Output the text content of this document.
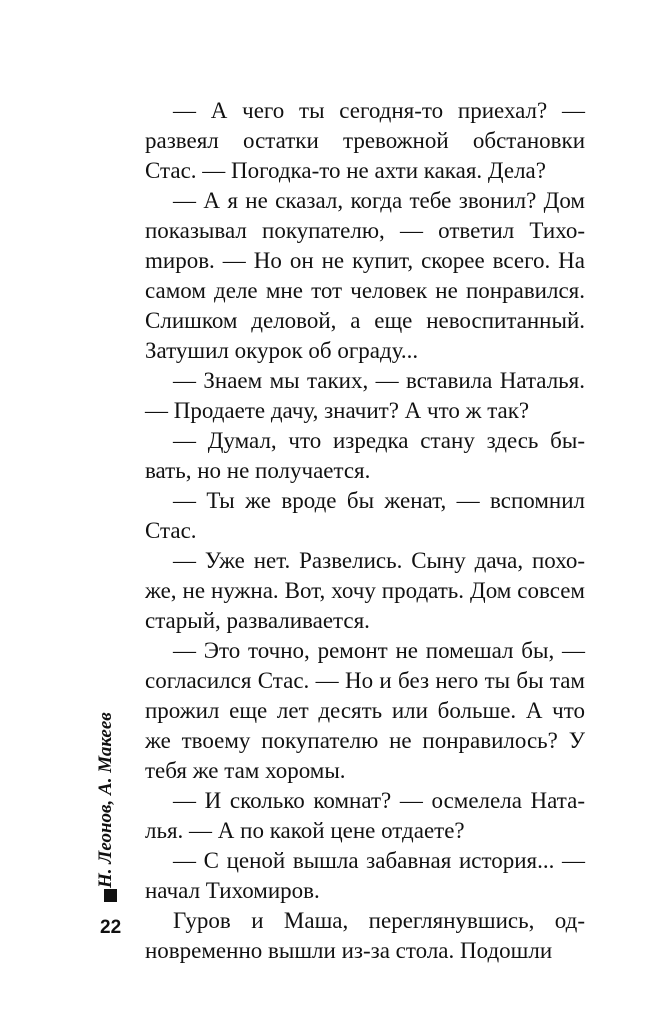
— А чего ты сегодня-то приехал? — развеял остатки тревожной обстановки Стас. — Погодка-то не ахти какая. Дела?

— А я не сказал, когда тебе звонил? Дом показывал покупателю, — ответил Тихоmиров. — Но он не купит, скорее всего. На самом деле мне тот человек не понравился. Слишком деловой, а еще невоспитанный. Затушил окурок об ограду...

— Знаем мы таких, — вставила Наталья. — Продаете дачу, значит? А что ж так?

— Думал, что изредка стану здесь бывать, но не получается.

— Ты же вроде бы женат, — вспомнил Стас.

— Уже нет. Развелись. Сыну дача, похоже, не нужна. Вот, хочу продать. Дом совсем старый, разваливается.

— Это точно, ремонт не помешал бы, — согласился Стас. — Но и без него ты бы там прожил еще лет десять или больше. А что же твоему покупателю не понравилось? У тебя же там хоромы.

— И сколько комнат? — осмелела Наталья. — А по какой цене отдаете?

— С ценой вышла забавная история... — начал Тихомиров.

Гуров и Маша, переглянувшись, одновременно вышли из-за стола. Подошли

Н. Леонов, А. Макеев
22
